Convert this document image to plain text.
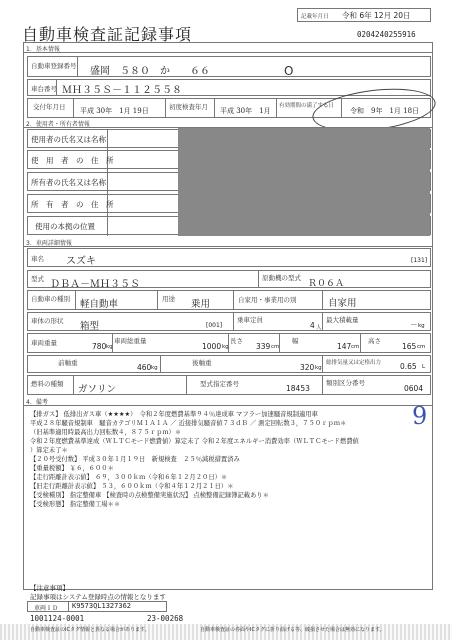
自動車検査証記録事項
記載年月日 令和 6年 12月 20日
0204240255916
1．基本情報
自動車登録番号 盛岡　５８０　か　　６６	O
車台番号 ＭＨ３５Ｓ－１１２５５８
交付年月日 平成 30年　1月 19日	初度検査年月 平成 30年　1月
有効期間の満了する日
令和　9年　1月 18日
2．使用者・所有者情報
使用者の氏名又は名称
使　用　者　の　住　所
所有者の氏名又は名称
所　有　者　の　住　所
使用の本拠の位置
3．車両詳細情報
車名 スズキ	[131]
型式 ＤＢＡ－ＭＨ３５Ｓ
原動機の型式
Ｒ０６Ａ
自動車の種別 軽自動車	用途 乗用	自家用・事業用の別	自家用
車体の形状 箱型	[001]
乗車定員
4 人
最大積載量	－ kg
車両重量	780 kg
車両総重量
1000 kg
長さ
339 cm
幅
147 cm
高さ
165 cm
前軸重	460 kg
後軸重	320 kg
総排気量又は定格出力	0.65 L
燃料の種類 ガソリン	型式指定番号	18453
類別区分番号
0604
4．備考	9
【排ガス】 低排出ガス車（★★★★）　令和２年度燃費基準９４％達成車 マフラー加速騒音規制適用車
平成２８年騒音規制車　騒音カテゴリＭ１Ａ１Ａ ／ 近接排気騒音値７３ｄＢ ／ 測定回転数３，７５０ｒｐｍ＊
（旧基準適用時最高出力回転数４，８７５ｒｐｍ）＊
令和２年度燃費基準達成（ＷＬＴＣモード燃費値）算定未了 令和２年度エネルギー消費効率（ＷＬＴＣモード燃費値
）算定未了＊
【２０号受付数】 平成３０年１月１９日　新規検査　２５％減税措置済み
【重量税額】 ￥６，６００＊
【走行距離計表示値】 ６９，３００ｋｍ（令和６年１２月２０日）＊
【旧走行距離計表示値】 ５３，６００ｋｍ（令和４年１２月２１日）＊
【受検種別】 指定整備車 【検査時の点検整備実施状況】 点検整備記録簿記載あり＊
【受検形態】 指定整備工場＊＊
【注意事項】
記録事項はシステム登録時点の情報となります
車両ＩＤ K9573QL1327362
1001124-0001	23-00268
自動車検査証のICタグ情報と異なる場合があります。	自動車検査証の券面やICタグに折り曲げる等、破損させた場合は無効になります。
